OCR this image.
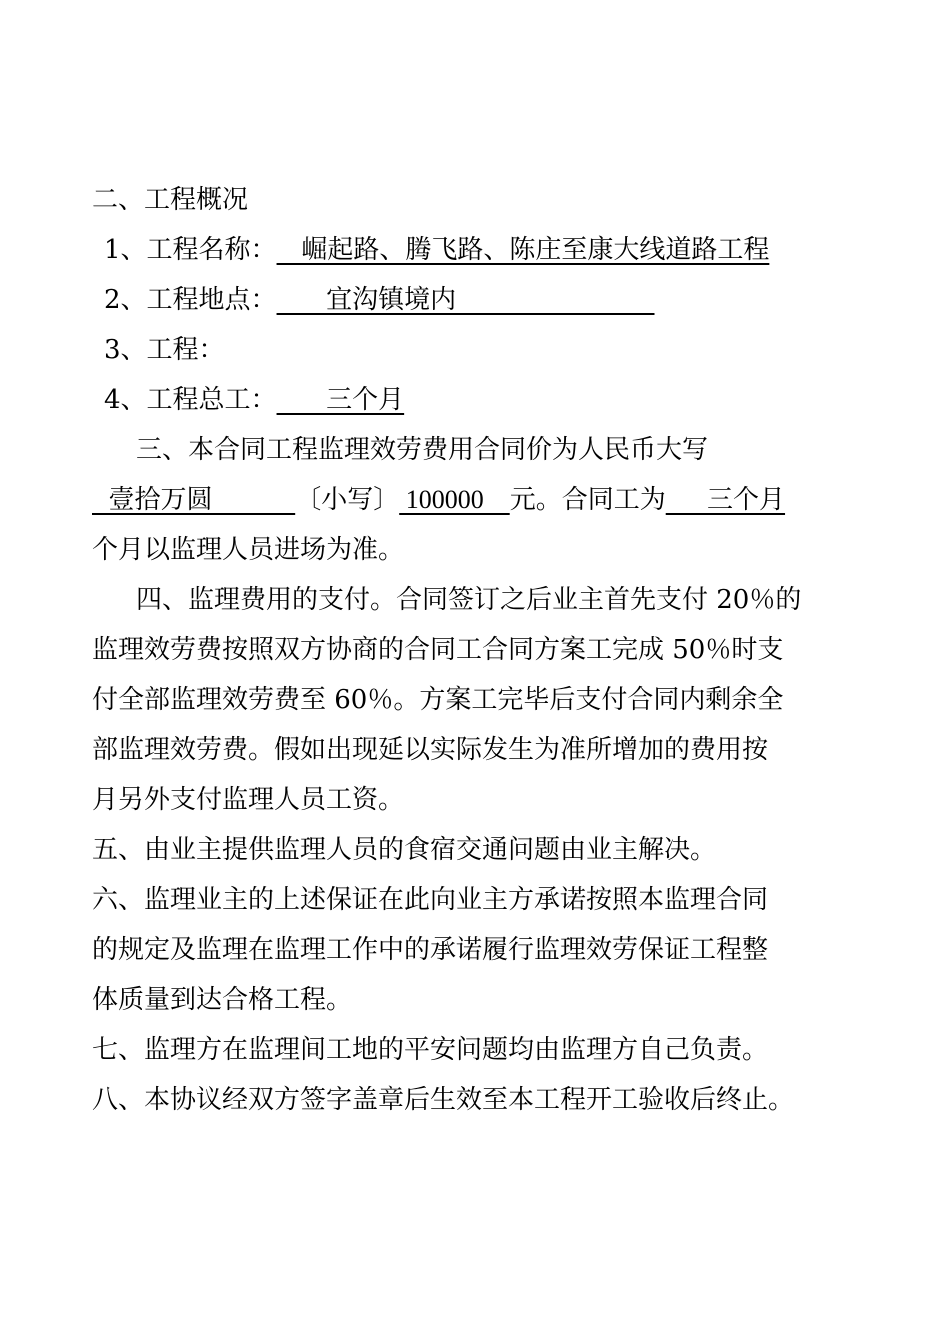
二、工程概况
1、工程名称：   崛起路、腾飞路、陈庄至康大线道路工程
2、工程地点：      宜沟镇境内
3、工程：
4、工程总工：      三个月
三、本合同工程监理效劳费用合同价为人民币大写
壹拾万圆          〔小写〕 100000    元。合同工为     三个月
个月以监理人员进场为准。
四、监理费用的支付。合同签订之后业主首先支付 20％的
监理效劳费按照双方协商的合同工合同方案工完成 50％时支
付全部监理效劳费至 60％。方案工完毕后支付合同内剩余全
部监理效劳费。假如出现延以实际发生为准所增加的费用按
月另外支付监理人员工资。
五、由业主提供监理人员的食宿交通问题由业主解决。
六、监理业主的上述保证在此向业主方承诺按照本监理合同
的规定及监理在监理工作中的承诺履行监理效劳保证工程整
体质量到达合格工程。
七、监理方在监理间工地的平安问题均由监理方自己负责。
八、本协议经双方签字盖章后生效至本工程开工验收后终止。
